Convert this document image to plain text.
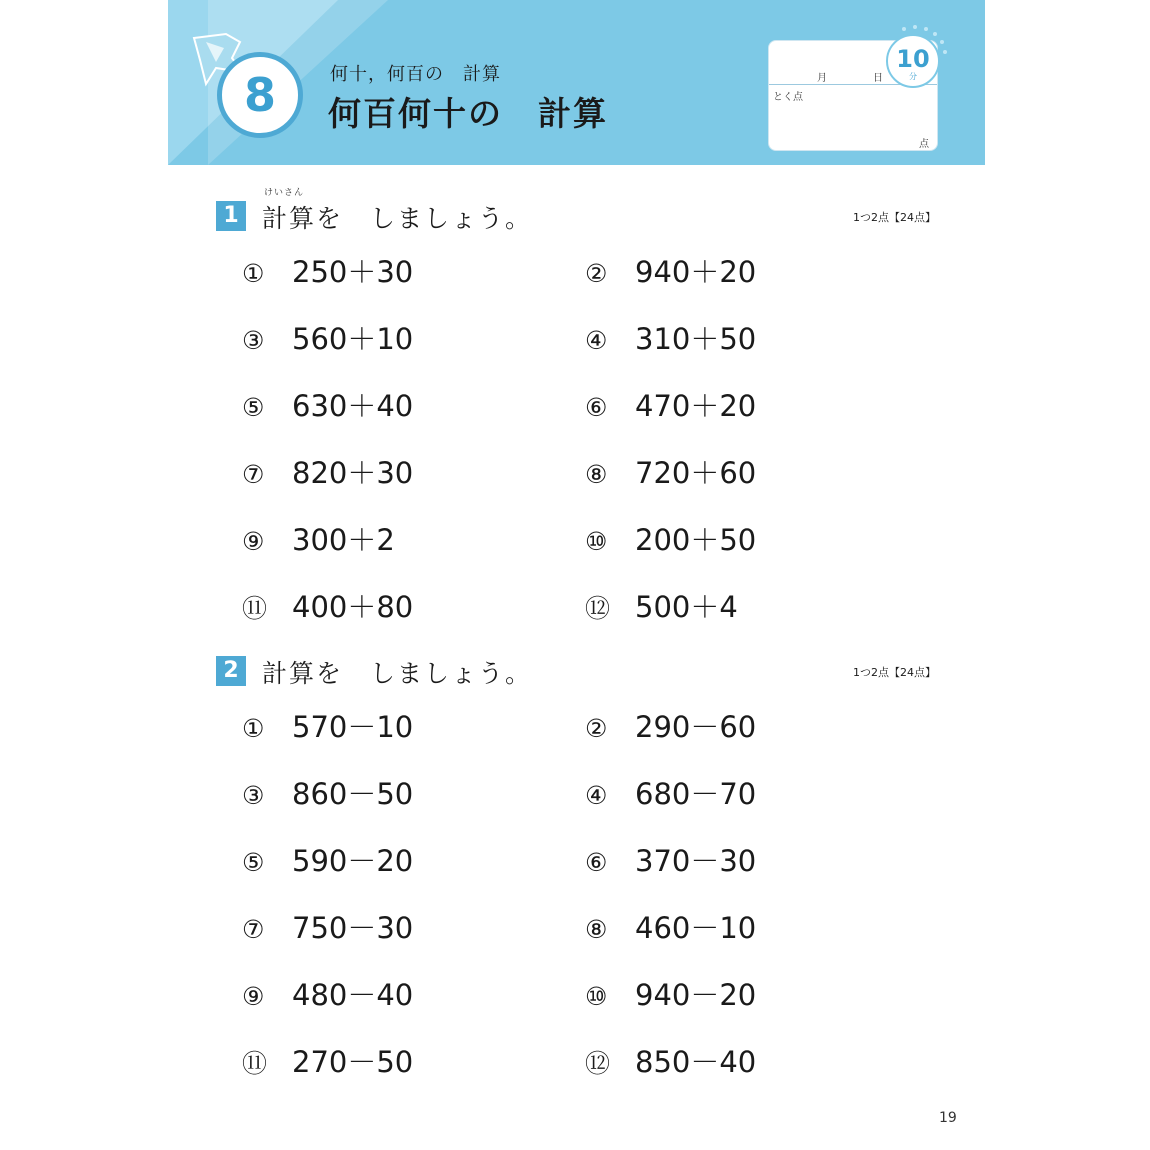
8	何十，何百の　計算
何百何十の　計算
月	日
とく点
点
10
分
1
けいさん
計算を　しましょう。	1つ2点【24点】
① 250＋30	② 940＋20
③ 560＋10	④ 310＋50
⑤ 630＋40	⑥ 470＋20
⑦ 820＋30	⑧ 720＋60
⑨ 300＋2	⑩ 200＋50
⑪ 400＋80	⑫ 500＋4
2 計算を　しましょう。	1つ2点【24点】
① 570－10	② 290－60
③ 860－50	④ 680－70
⑤ 590－20	⑥ 370－30
⑦ 750－30	⑧ 460－10
⑨ 480－40	⑩ 940－20
⑪ 270－50	⑫ 850－40
19
